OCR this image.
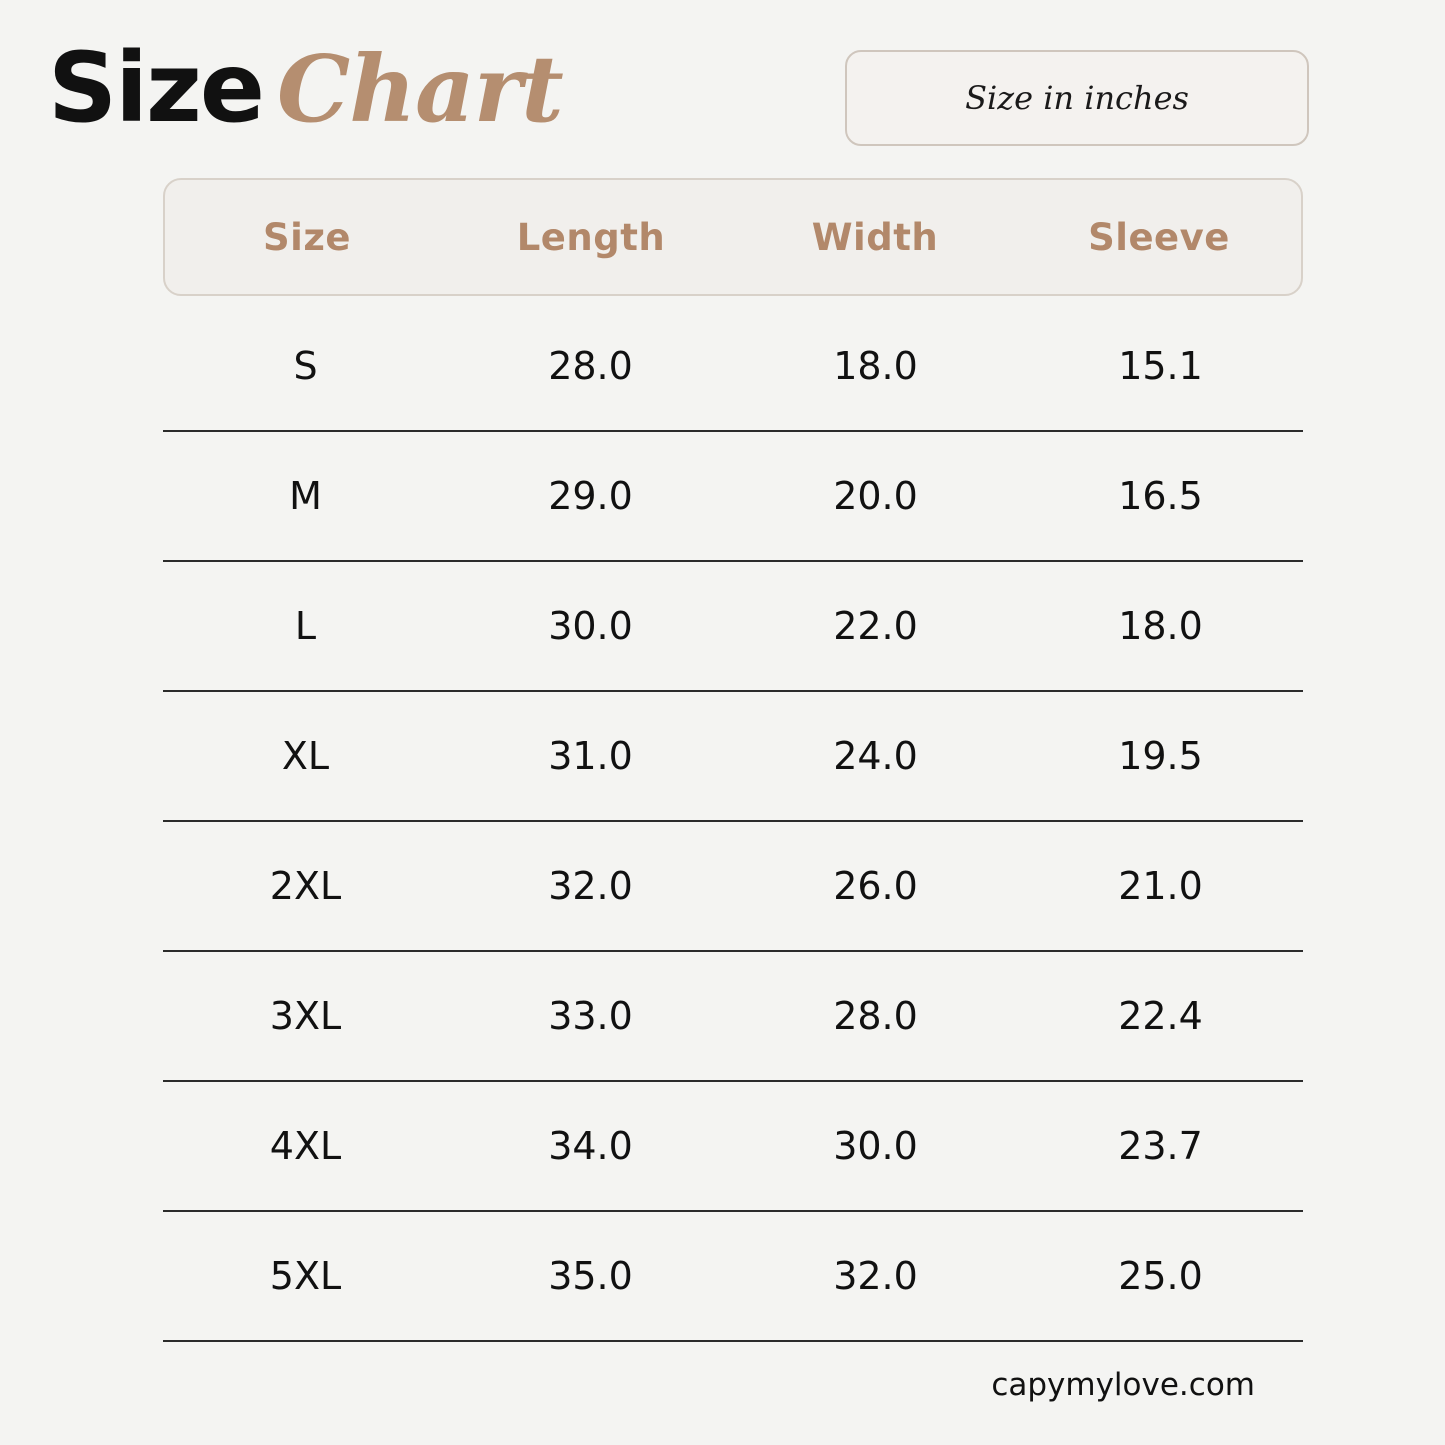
Size Chart	Size in inches
Size	Length	Width	Sleeve
S	28.0	18.0	15.1
M	29.0	20.0	16.5
L	30.0	22.0	18.0
XL	31.0	24.0	19.5
2XL	32.0	26.0	21.0
3XL	33.0	28.0	22.4
4XL	34.0	30.0	23.7
5XL	35.0	32.0	25.0
capymylove.com
